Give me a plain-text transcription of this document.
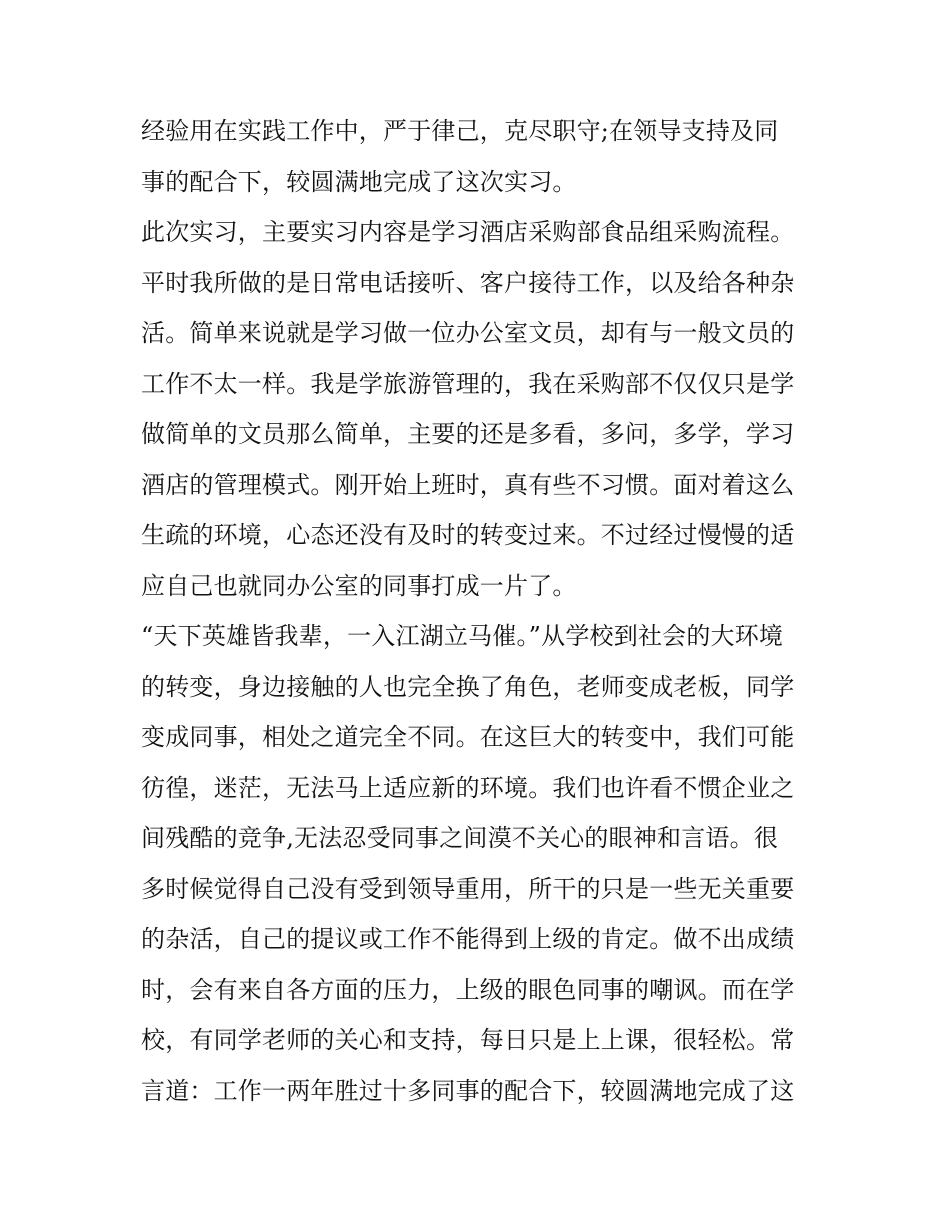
经验用在实践工作中，严于律己，克尽职守;在领导支持及同
事的配合下，较圆满地完成了这次实习。
此次实习，主要实习内容是学习酒店采购部食品组采购流程。
平时我所做的是日常电话接听、客户接待工作，以及给各种杂
活。简单来说就是学习做一位办公室文员，却有与一般文员的
工作不太一样。我是学旅游管理的，我在采购部不仅仅只是学
做简单的文员那么简单，主要的还是多看，多问，多学，学习
酒店的管理模式。刚开始上班时，真有些不习惯。面对着这么
生疏的环境，心态还没有及时的转变过来。不过经过慢慢的适
应自己也就同办公室的同事打成一片了。
“天下英雄皆我辈，一入江湖立马催。”从学校到社会的大环境
的转变，身边接触的人也完全换了角色，老师变成老板，同学
变成同事，相处之道完全不同。在这巨大的转变中，我们可能
彷徨，迷茫，无法马上适应新的环境。我们也许看不惯企业之
间残酷的竞争,无法忍受同事之间漠不关心的眼神和言语。很
多时候觉得自己没有受到领导重用，所干的只是一些无关重要
的杂活，自己的提议或工作不能得到上级的肯定。做不出成绩
时，会有来自各方面的压力，上级的眼色同事的嘲讽。而在学
校，有同学老师的关心和支持，每日只是上上课，很轻松。常
言道：工作一两年胜过十多同事的配合下，较圆满地完成了这
